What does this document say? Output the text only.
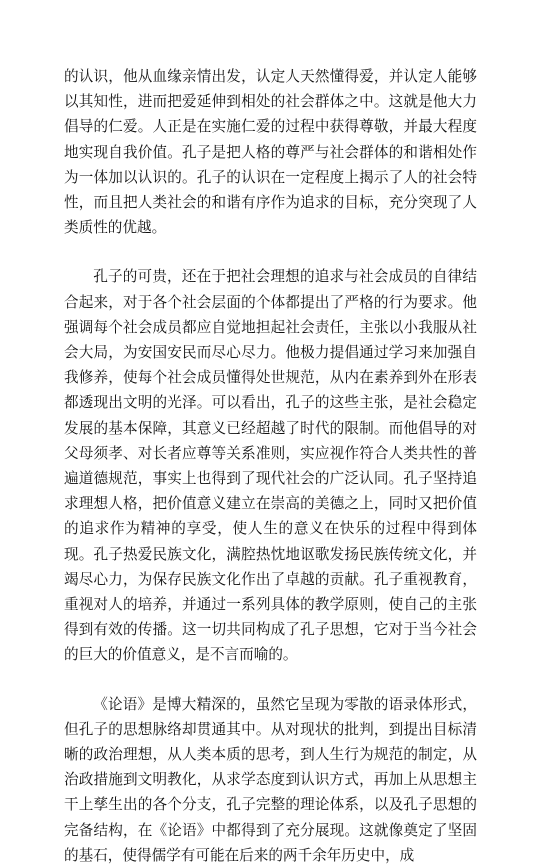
的认识，他从血缘亲情出发，认定人天然懂得爱，并认定人能够以其知性，进而把爱延伸到相处的社会群体之中。这就是他大力倡导的仁爱。人正是在实施仁爱的过程中获得尊敬，并最大程度地实现自我价值。孔子是把人格的尊严与社会群体的和谐相处作为一体加以认识的。孔子的认识在一定程度上揭示了人的社会特性，而且把人类社会的和谐有序作为追求的目标，充分突现了人类质性的优越。

孔子的可贵，还在于把社会理想的追求与社会成员的自律结合起来，对于各个社会层面的个体都提出了严格的行为要求。他强调每个社会成员都应自觉地担起社会责任，主张以小我服从社会大局，为安国安民而尽心尽力。他极力提倡通过学习来加强自我修养，使每个社会成员懂得处世规范，从内在素养到外在形表都透现出文明的光泽。可以看出，孔子的这些主张，是社会稳定发展的基本保障，其意义已经超越了时代的限制。而他倡导的对父母须孝、对长者应尊等关系准则，实应视作符合人类共性的普遍道德规范，事实上也得到了现代社会的广泛认同。孔子坚持追求理想人格，把价值意义建立在崇高的美德之上，同时又把价值的追求作为精神的享受，使人生的意义在快乐的过程中得到体现。孔子热爱民族文化，满腔热忱地讴歌发扬民族传统文化，并竭尽心力，为保存民族文化作出了卓越的贡献。孔子重视教育，重视对人的培养，并通过一系列具体的教学原则，使自己的主张得到有效的传播。这一切共同构成了孔子思想，它对于当今社会的巨大的价值意义，是不言而喻的。

《论语》是博大精深的，虽然它呈现为零散的语录体形式，但孔子的思想脉络却贯通其中。从对现状的批判，到提出目标清晰的政治理想，从人类本质的思考，到人生行为规范的制定，从治政措施到文明教化，从求学态度到认识方式，再加上从思想主干上孳生出的各个分支，孔子完整的理论体系，以及孔子思想的完备结构，在《论语》中都得到了充分展现。这就像奠定了坚固的基石，使得儒学有可能在后来的两千余年历史中，成
